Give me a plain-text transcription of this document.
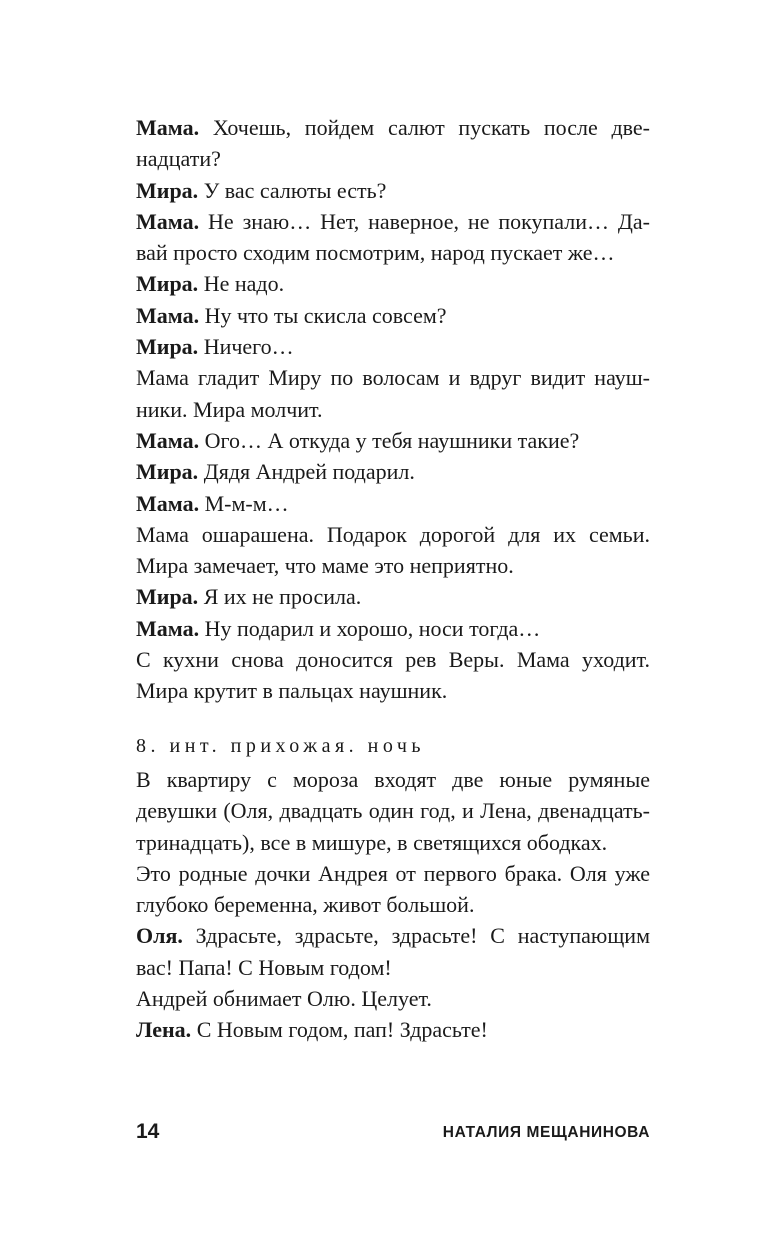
Мама. Хочешь, пойдем салют пускать после двенадцати?

Мира. У вас салюты есть?

Мама. Не знаю… Нет, наверное, не покупали… Давай просто сходим посмотрим, народ пускает же…

Мира. Не надо.

Мама. Ну что ты скисла совсем?

Мира. Ничего…

Мама гладит Миру по волосам и вдруг видит наушники. Мира молчит.

Мама. Ого… А откуда у тебя наушники такие?

Мира. Дядя Андрей подарил.

Мама. М-м-м…

Мама ошарашена. Подарок дорогой для их семьи. Мира замечает, что маме это неприятно.

Мира. Я их не просила.

Мама. Ну подарил и хорошо, носи тогда…

С кухни снова доносится рев Веры. Мама уходит. Мира крутит в пальцах наушник.

8. инт. прихожая. ночь

В квартиру с мороза входят две юные румяные девушки (Оля, двадцать один год, и Лена, двенадцать-тринадцать), все в мишуре, в светящихся ободках.

Это родные дочки Андрея от первого брака. Оля уже глубоко беременна, живот большой.

Оля. Здрасьте, здрасьте, здрасьте! С наступающим вас! Папа! С Новым годом!

Андрей обнимает Олю. Целует.

Лена. С Новым годом, пап! Здрасьте!

14	НАТАЛИЯ МЕЩАНИНОВА
